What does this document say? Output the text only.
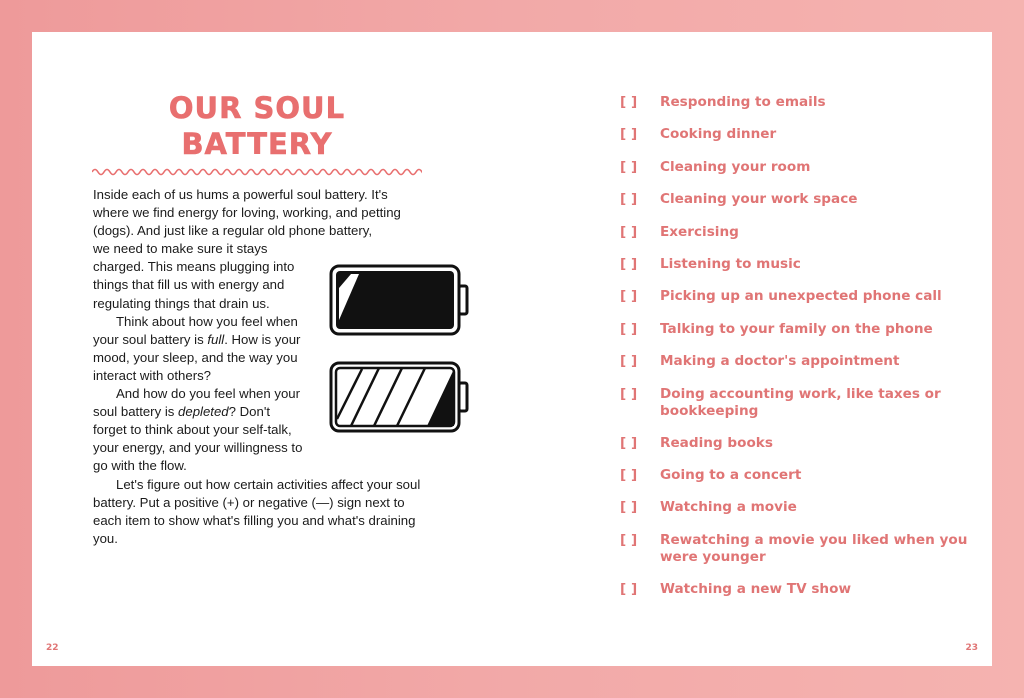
OUR SOUL
BATTERY

Inside each of us hums a powerful soul battery. It's where we find energy for loving, working, and petting (dogs). And just like a regular old phone battery,

we need to make sure it stays charged. This means plugging into things that fill us with energy and regulating things that drain us.

Think about how you feel when your soul battery is full. How is your mood, your sleep, and the way you interact with others?

And how do you feel when your soul battery is depleted? Don't forget to think about your self-talk, your energy, and your willingness to go with the flow.

Let's figure out how certain activities affect your soul battery. Put a positive (+) or negative (—) sign next to each item to show what's filling you and what's draining you.

[ ]	Responding to emails
[ ]	Cooking dinner
[ ]	Cleaning your room
[ ]	Cleaning your work space
[ ]	Exercising
[ ]	Listening to music
[ ]	Picking up an unexpected phone call
[ ]	Talking to your family on the phone
[ ]	Making a doctor's appointment
[ ]	Doing accounting work, like taxes or bookkeeping
[ ]	Reading books
[ ]	Going to a concert
[ ]	Watching a movie
[ ]	Rewatching a movie you liked when you were younger
[ ]	Watching a new TV show
22	23
